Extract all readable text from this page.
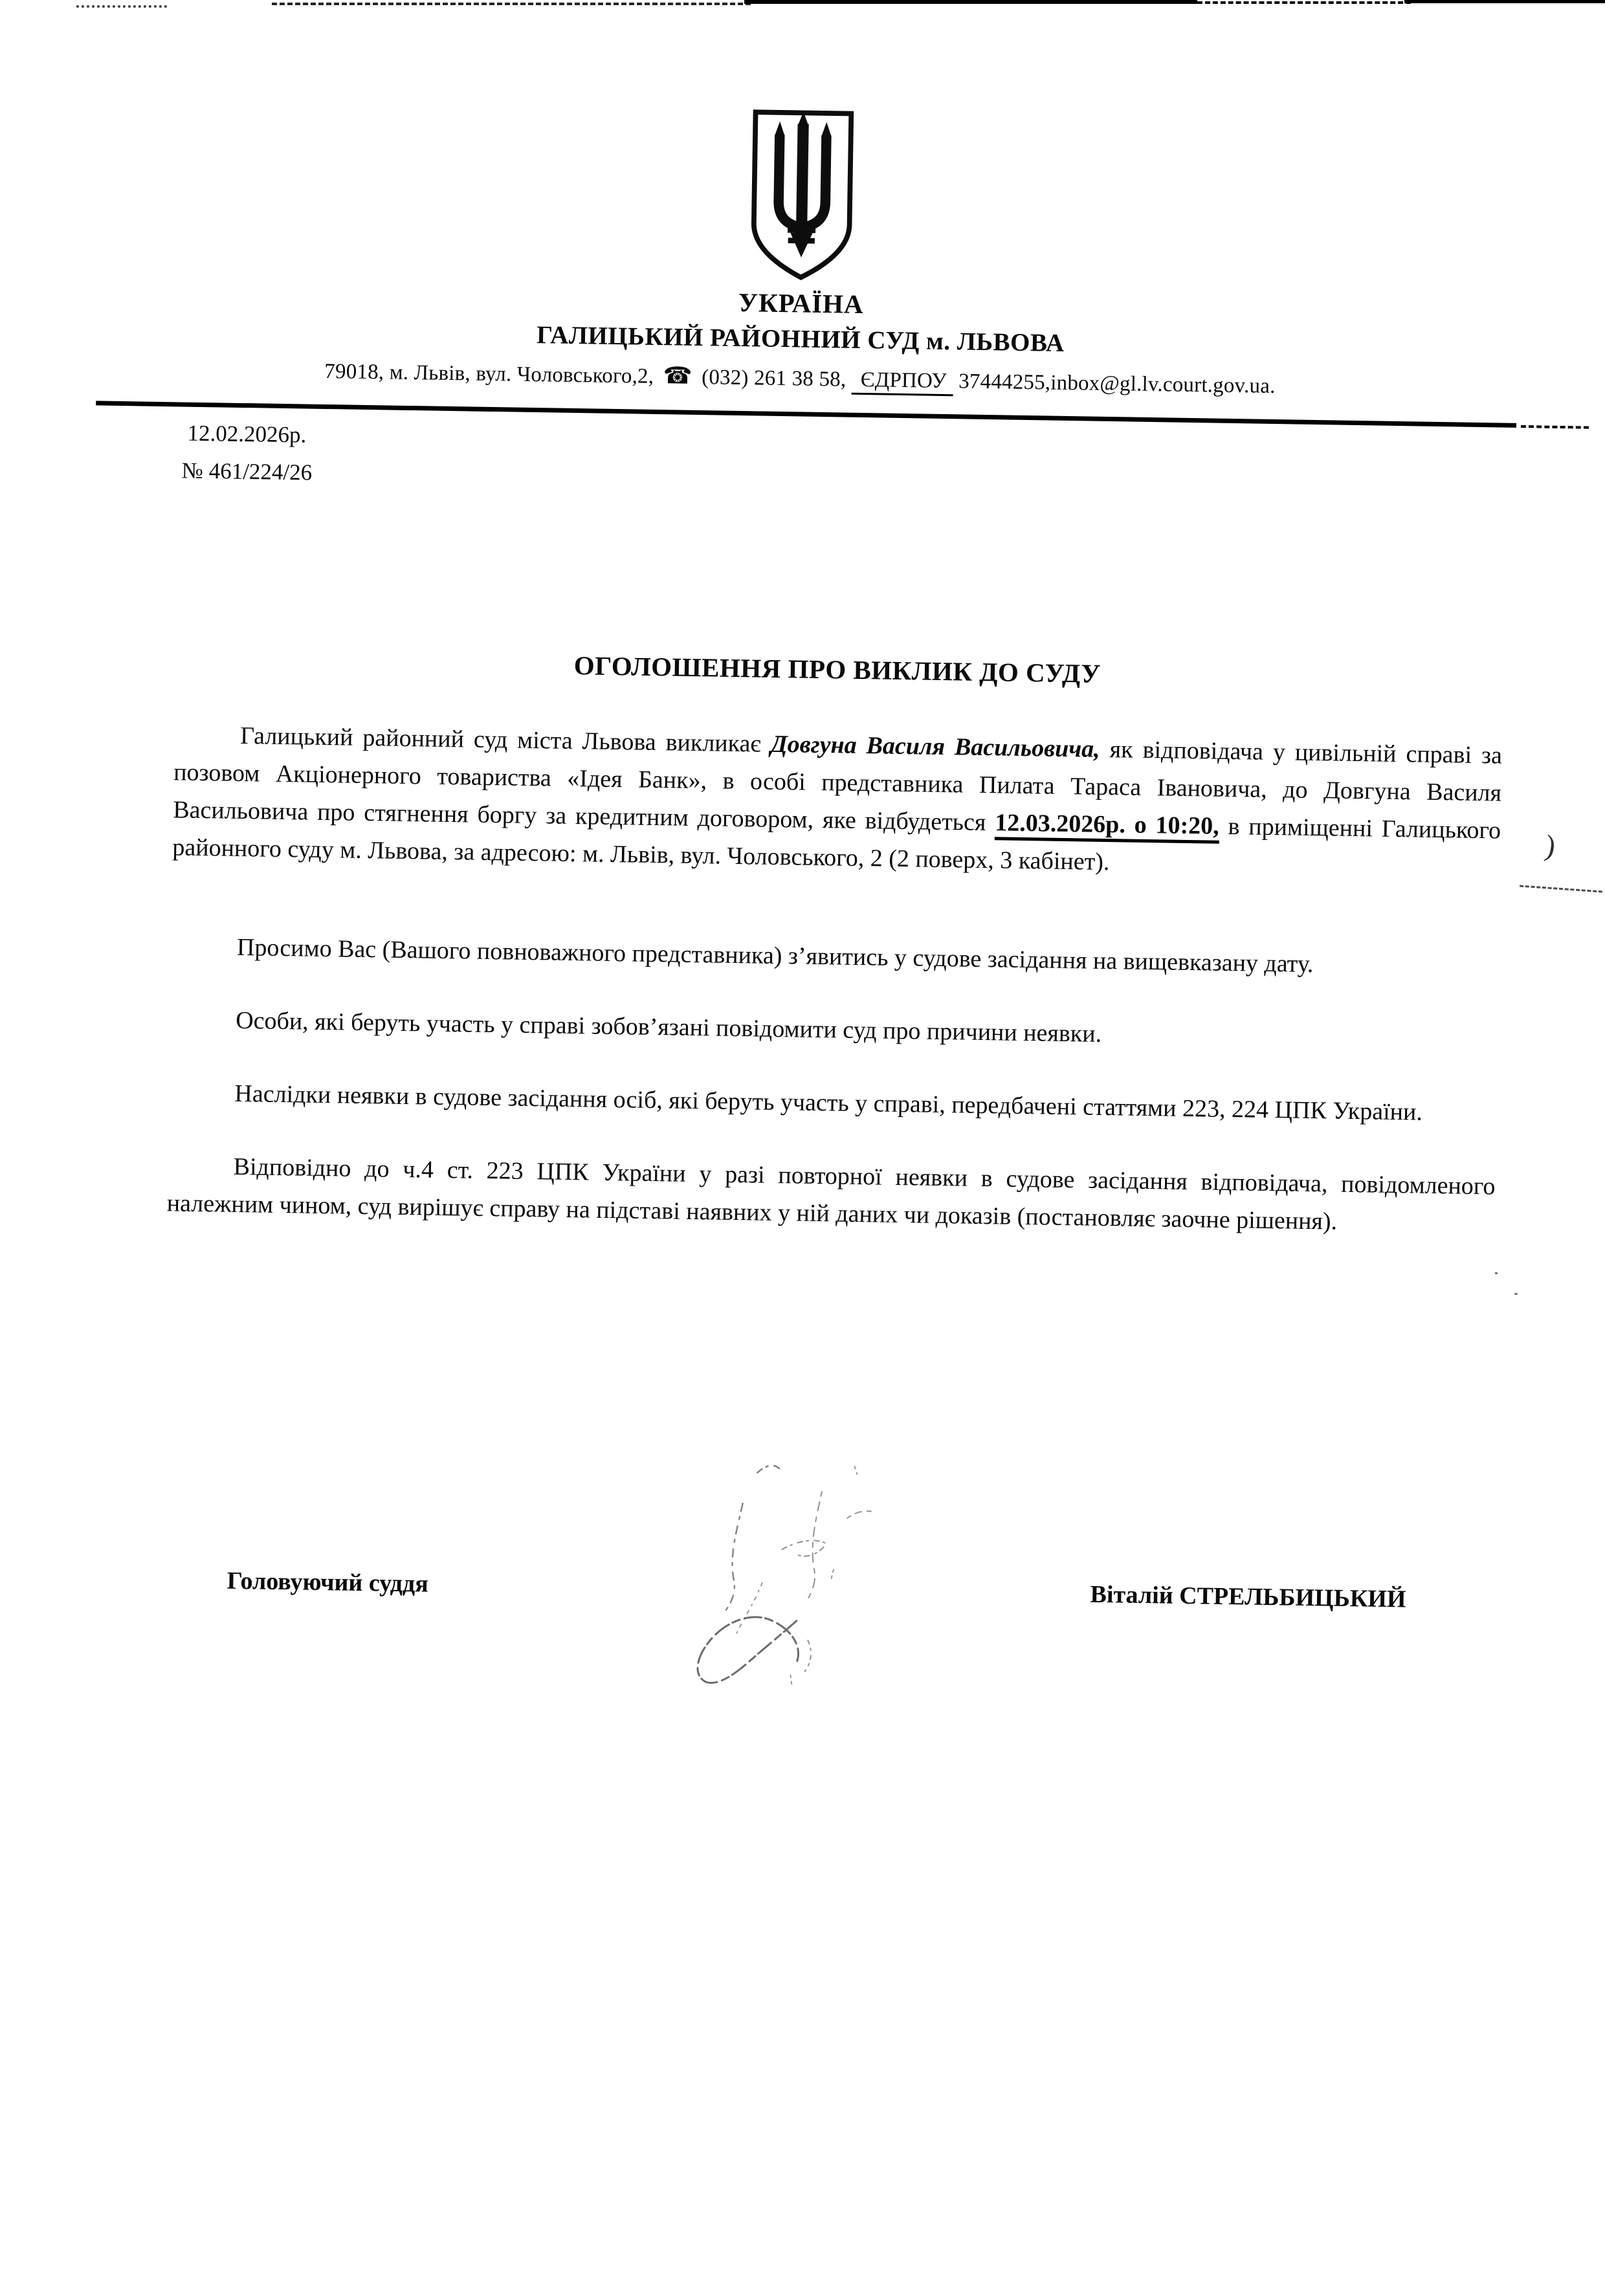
)
УКРАЇНА
ГАЛИЦЬКИЙ РАЙОННИЙ СУД м. ЛЬВОВА
79018, м. Львів, вул. Чоловського,2, ☎ (032) 261 38 58, ЄДРПОУ 37444255,inbox@gl.lv.court.gov.ua.
12.02.2026р.
№ 461/224/26
ОГОЛОШЕННЯ ПРО ВИКЛИК ДО СУДУ

Галицький районний суд міста Львова викликає Довгуна Василя Васильовича, як відповідача у цивільній справі за позовом Акціонерного товариства «Ідея Банк», в особі представника Пилата Тараса Івановича, до Довгуна Василя Васильовича про стягнення боргу за кредитним договором, яке відбудеться 12.03.2026р. о 10:20, в приміщенні Галицького районного суду м. Львова, за адресою: м. Львів, вул. Чоловського, 2 (2 поверх, 3 кабінет).

Просимо Вас (Вашого повноважного представника) з’явитись у судове засідання на вищевказану дату.

Особи, які беруть участь у справі зобов’язані повідомити суд про причини неявки.

Наслідки неявки в судове засідання осіб, які беруть участь у справі, передбачені статтями 223, 224 ЦПК України.

Відповідно до ч.4 ст. 223 ЦПК України у разі повторної неявки в судове засідання відповідача, повідомленого належним чином, суд вирішує справу на підставі наявних у ній даних чи доказів (постановляє заочне рішення).

Головуючий суддя	Віталій СТРЕЛЬБИЦЬКИЙ
